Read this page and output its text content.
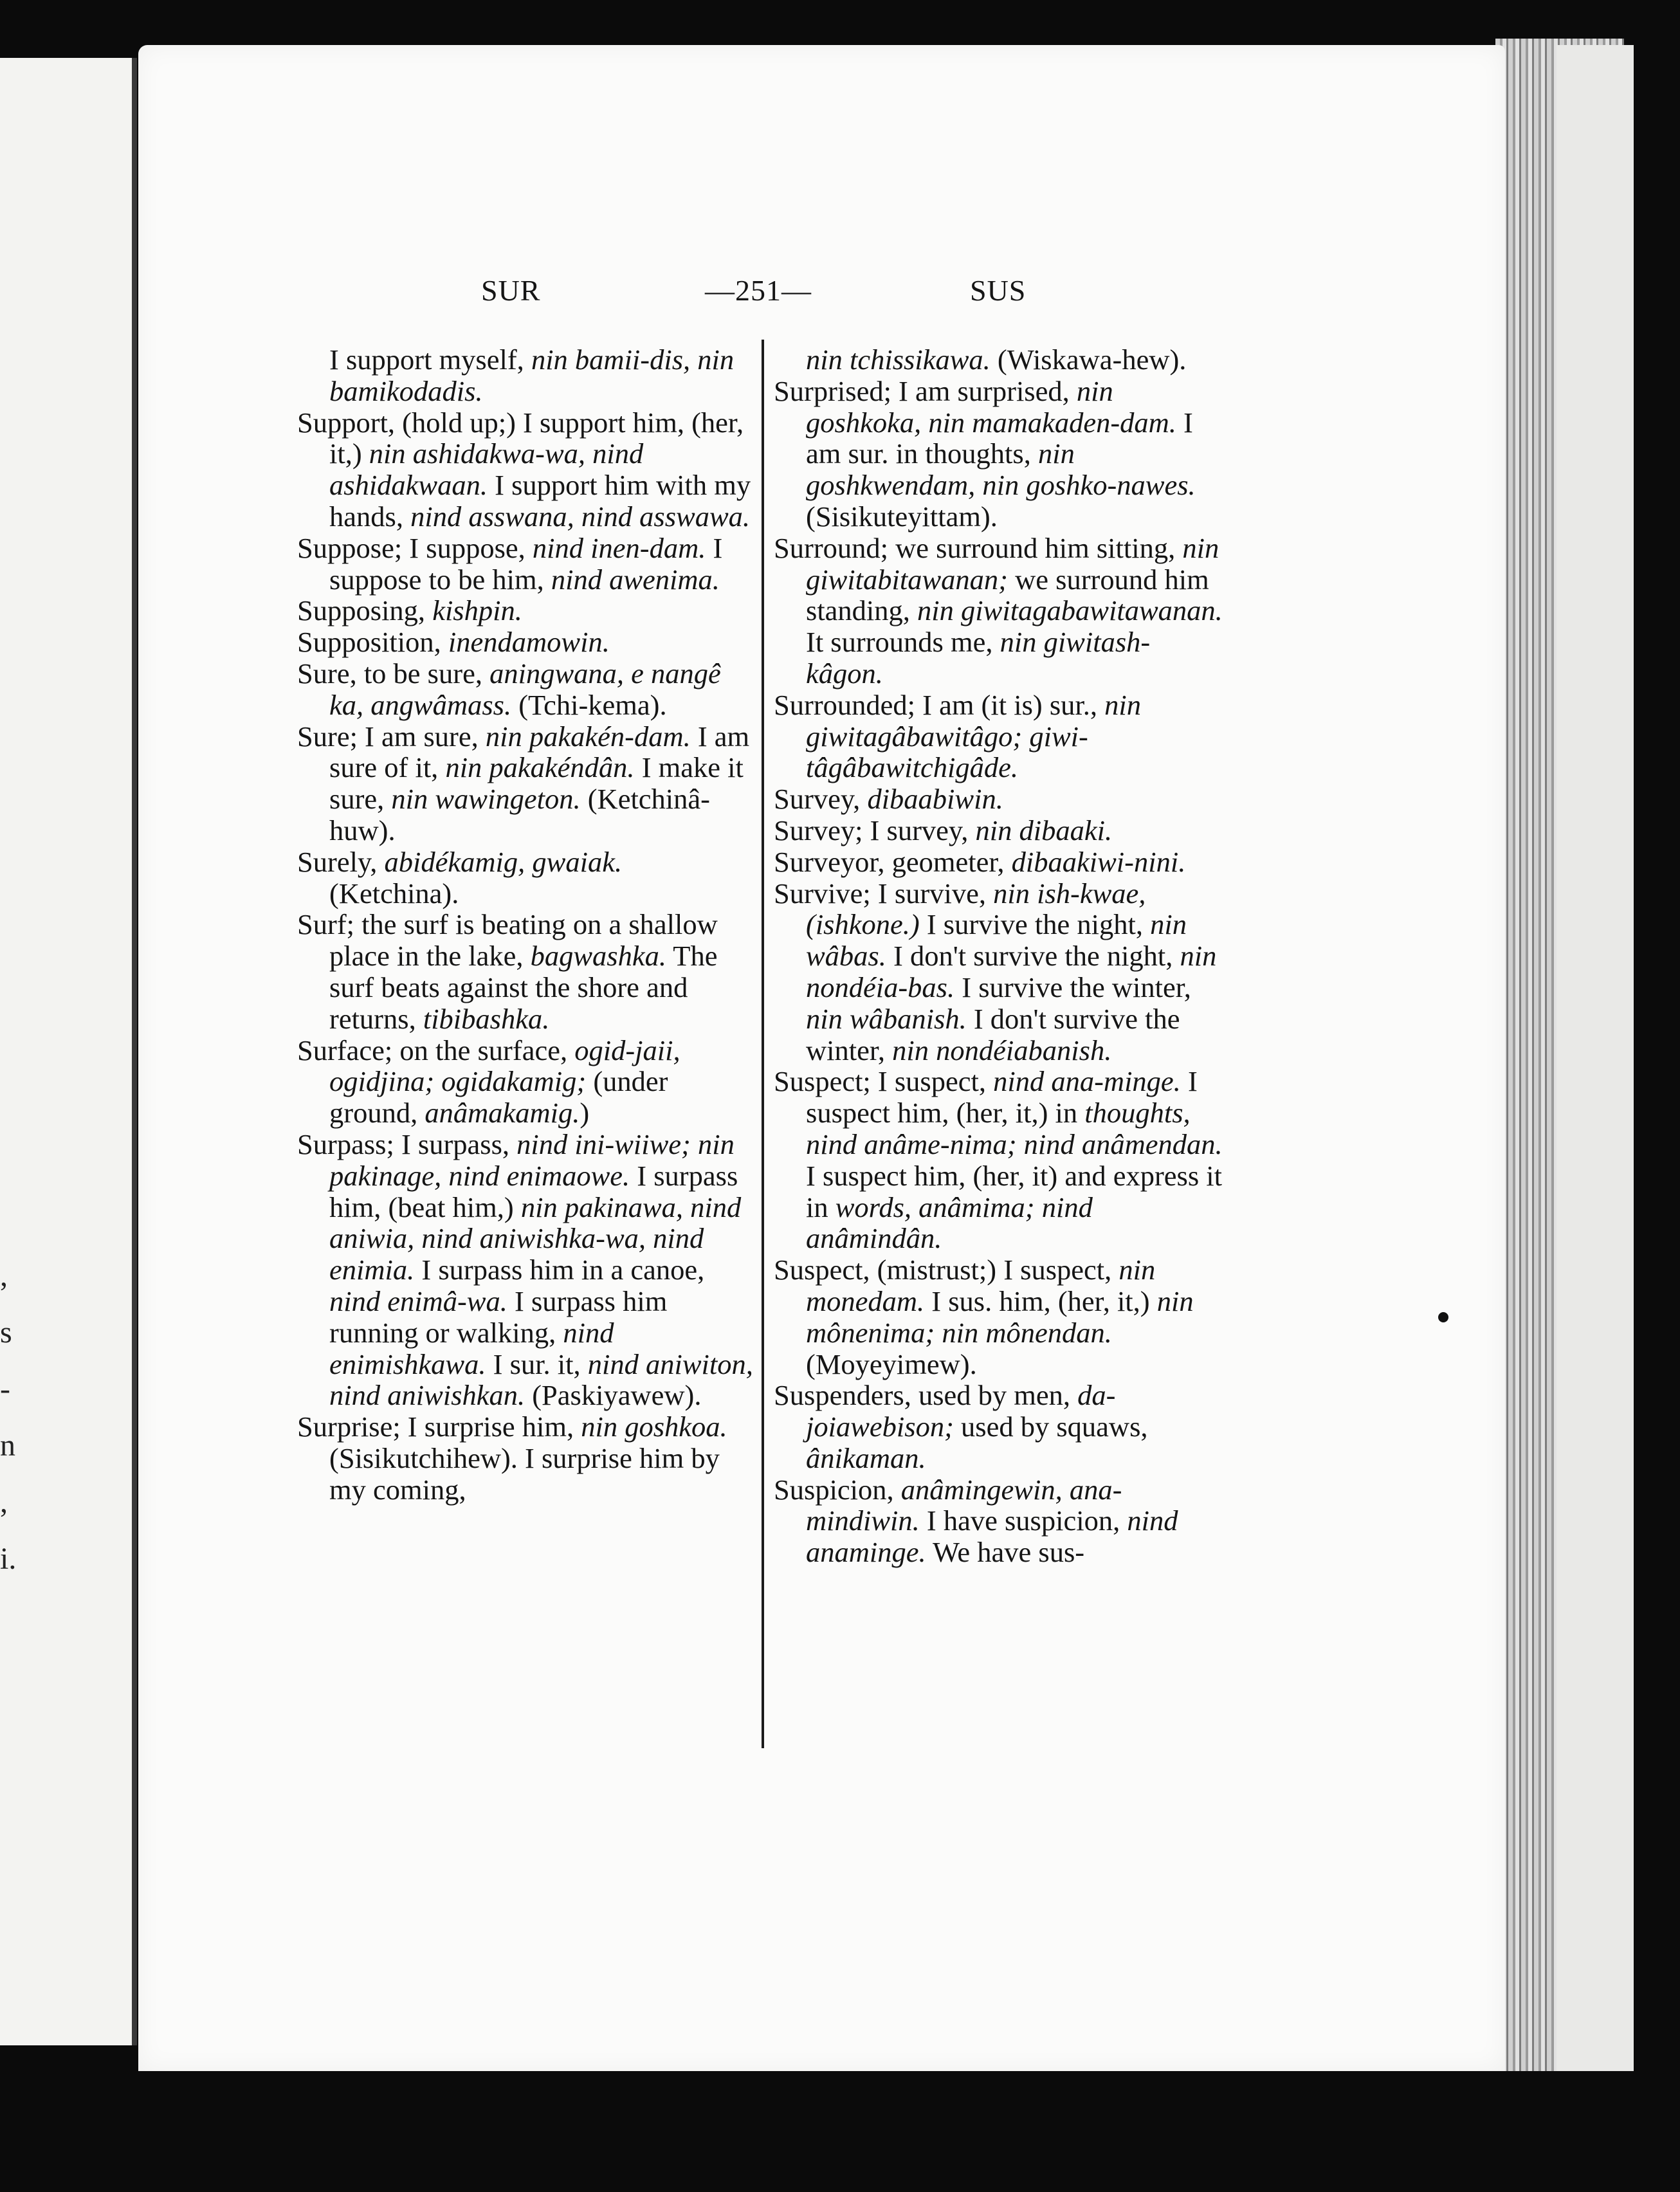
,
s
-
n
,
i.
SUR	—251—	SUS

I support myself, nin bamii-dis, nin bamikodadis.

Support, (hold up;) I support him, (her, it,) nin ashidakwa-wa, nind ashidakwaan. I support him with my hands, nind asswana, nind asswawa.

Suppose; I suppose, nind inen-dam. I suppose to be him, nind awenima.

Supposing, kishpin.

Supposition, inendamowin.

Sure, to be sure, aningwana, e nangê ka, angwâmass. (Tchi-kema).

Sure; I am sure, nin pakakén-dam. I am sure of it, nin pakakéndân. I make it sure, nin wawingeton. (Ketchinâ-huw).

Surely, abidékamig, gwaiak. (Ketchina).

Surf; the surf is beating on a shallow place in the lake, bagwashka. The surf beats against the shore and returns, tibibashka.

Surface; on the surface, ogid-jaii, ogidjina; ogidakamig; (under ground, anâmakamig.)

Surpass; I surpass, nind ini-wiiwe; nin pakinage, nind enimaowe. I surpass him, (beat him,) nin pakinawa, nind aniwia, nind aniwishka-wa, nind enimia. I surpass him in a canoe, nind enimâ-wa. I surpass him running or walking, nind enimishkawa. I sur. it, nind aniwiton, nind aniwishkan. (Paskiyawew).

Surprise; I surprise him, nin goshkoa. (Sisikutchihew). I surprise him by my coming,

nin tchissikawa. (Wiskawa-hew).

Surprised; I am surprised, nin goshkoka, nin mamakaden-dam. I am sur. in thoughts, nin goshkwendam, nin goshko-nawes. (Sisikuteyittam).

Surround; we surround him sitting, nin giwitabitawanan; we surround him standing, nin giwitagabawitawanan. It surrounds me, nin giwitash-kâgon.

Surrounded; I am (it is) sur., nin giwitagâbawitâgo; giwi-tâgâbawitchigâde.

Survey, dibaabiwin.

Survey; I survey, nin dibaaki.

Surveyor, geometer, dibaakiwi-nini.

Survive; I survive, nin ish-kwae, (ishkone.) I survive the night, nin wâbas. I don't survive the night, nin nondéia-bas. I survive the winter, nin wâbanish. I don't survive the winter, nin nondéiabanish.

Suspect; I suspect, nind ana-minge. I suspect him, (her, it,) in thoughts, nind anâme-nima; nind anâmendan. I suspect him, (her, it) and express it in words, anâmima; nind anâmindân.

Suspect, (mistrust;) I suspect, nin monedam. I sus. him, (her, it,) nin mônenima; nin mônendan. (Moyeyimew).

Suspenders, used by men, da-joiawebison; used by squaws, ânikaman.

Suspicion, anâmingewin, ana-mindiwin. I have suspicion, nind anaminge. We have sus-
